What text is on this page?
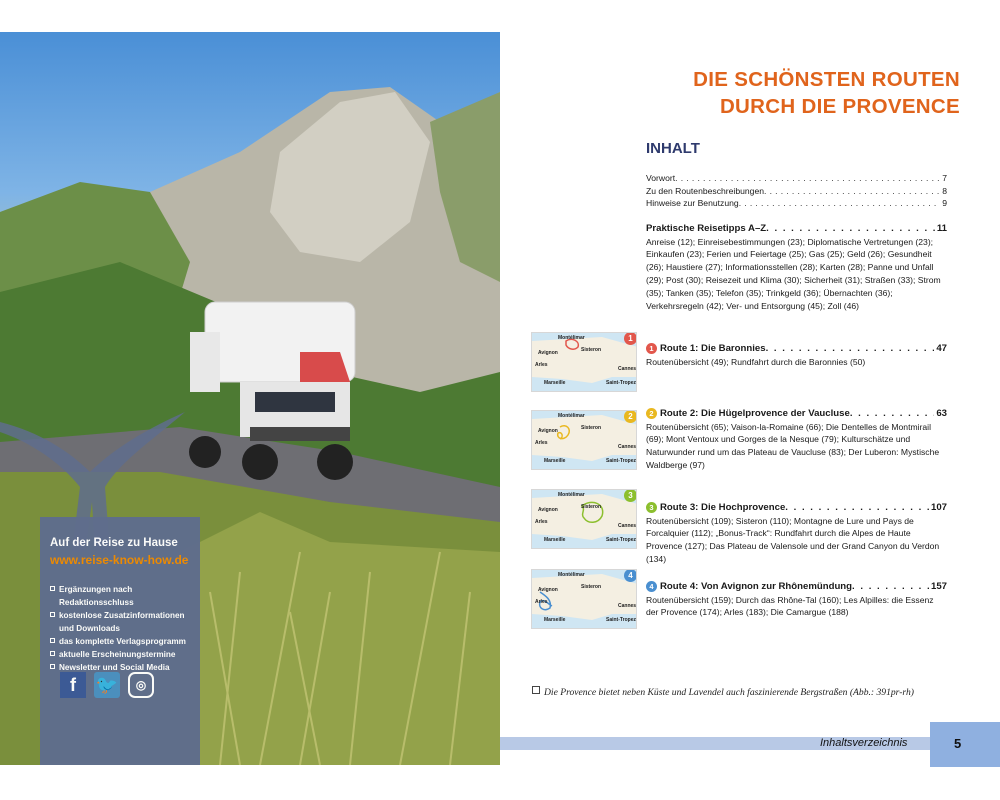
Auf der Reise zu Hause
www.reise-know-how.de
Ergänzungen nach Redaktionsschluss
kostenlose Zusatzinformationen
und Downloads
das komplette Verlagsprogramm
aktuelle Erscheinungstermine
Newsletter und Social Media
f	🐦	◎
DIE SCHÖNSTEN ROUTEN
DURCH DIE PROVENCE
INHALT
Vorwort . . .	7
Zu den Routenbeschreibungen . . .	8
Hinweise zur Benutzung . . .	9
Praktische Reisetipps A–Z . . .	11
Anreise (12); Einreisebestimmungen (23); Diplomatische Vertretungen (23); Einkaufen (23); Ferien und Feiertage (25); Gas (25); Geld (26); Gesundheit (26); Haustiere (27); Informationsstellen (28); Karten (28); Panne und Unfall (29); Post (30); Reisezeit und Klima (30); Sicherheit (31); Straßen (33); Strom (35); Tanken (35); Telefon (35); Trinkgeld (36); Übernachten (36); Verkehrsregeln (42); Ver- und Entsorgung (45); Zoll (46)
Montélimar
Sisteron
Avignon
Arles
Cannes
Marseille	Saint-Tropez
1
1 Route 1: Die Baronnies . . .	47
Routenübersicht (49); Rundfahrt durch die Baronnies (50)
Montélimar
Sisteron
Avignon
Arles
Cannes
Marseille	Saint-Tropez
2	2 Route 2: Die Hügelprovence der Vaucluse . . .	63
Routenübersicht (65); Vaison-la-Romaine (66); Die Dentelles de Montmirail (69); Mont Ventoux und Gorges de la Nesque (79); Kulturschätze und Naturwunder rund um das Plateau de Vaucluse (83); Der Luberon: Mystische Waldberge (97)
Montélimar
Sisteron
Avignon
Arles
Cannes
Marseille	Saint-Tropez
3
3 Route 3: Die Hochprovence . . .	107
Routenübersicht (109); Sisteron (110); Montagne de Lure und Pays de Forcalquier (112); „Bonus-Track“: Rundfahrt durch die Alpes de Haute Provence (127); Das Plateau de Valensole und der Grand Canyon du Verdon (134)
Montélimar
Sisteron
Avignon
Arles
Cannes
Marseille	Saint-Tropez
4
4 Route 4: Von Avignon zur Rhônemündung . . .	157
Routenübersicht (159); Durch das Rhône-Tal (160); Les Alpilles: die Essenz der Provence (174); Arles (183); Die Camargue (188)
Die Provence bietet neben Küste und Lavendel auch faszinierende Bergstraßen (Abb.: 391pr-rh)
Inhaltsverzeichnis	5
